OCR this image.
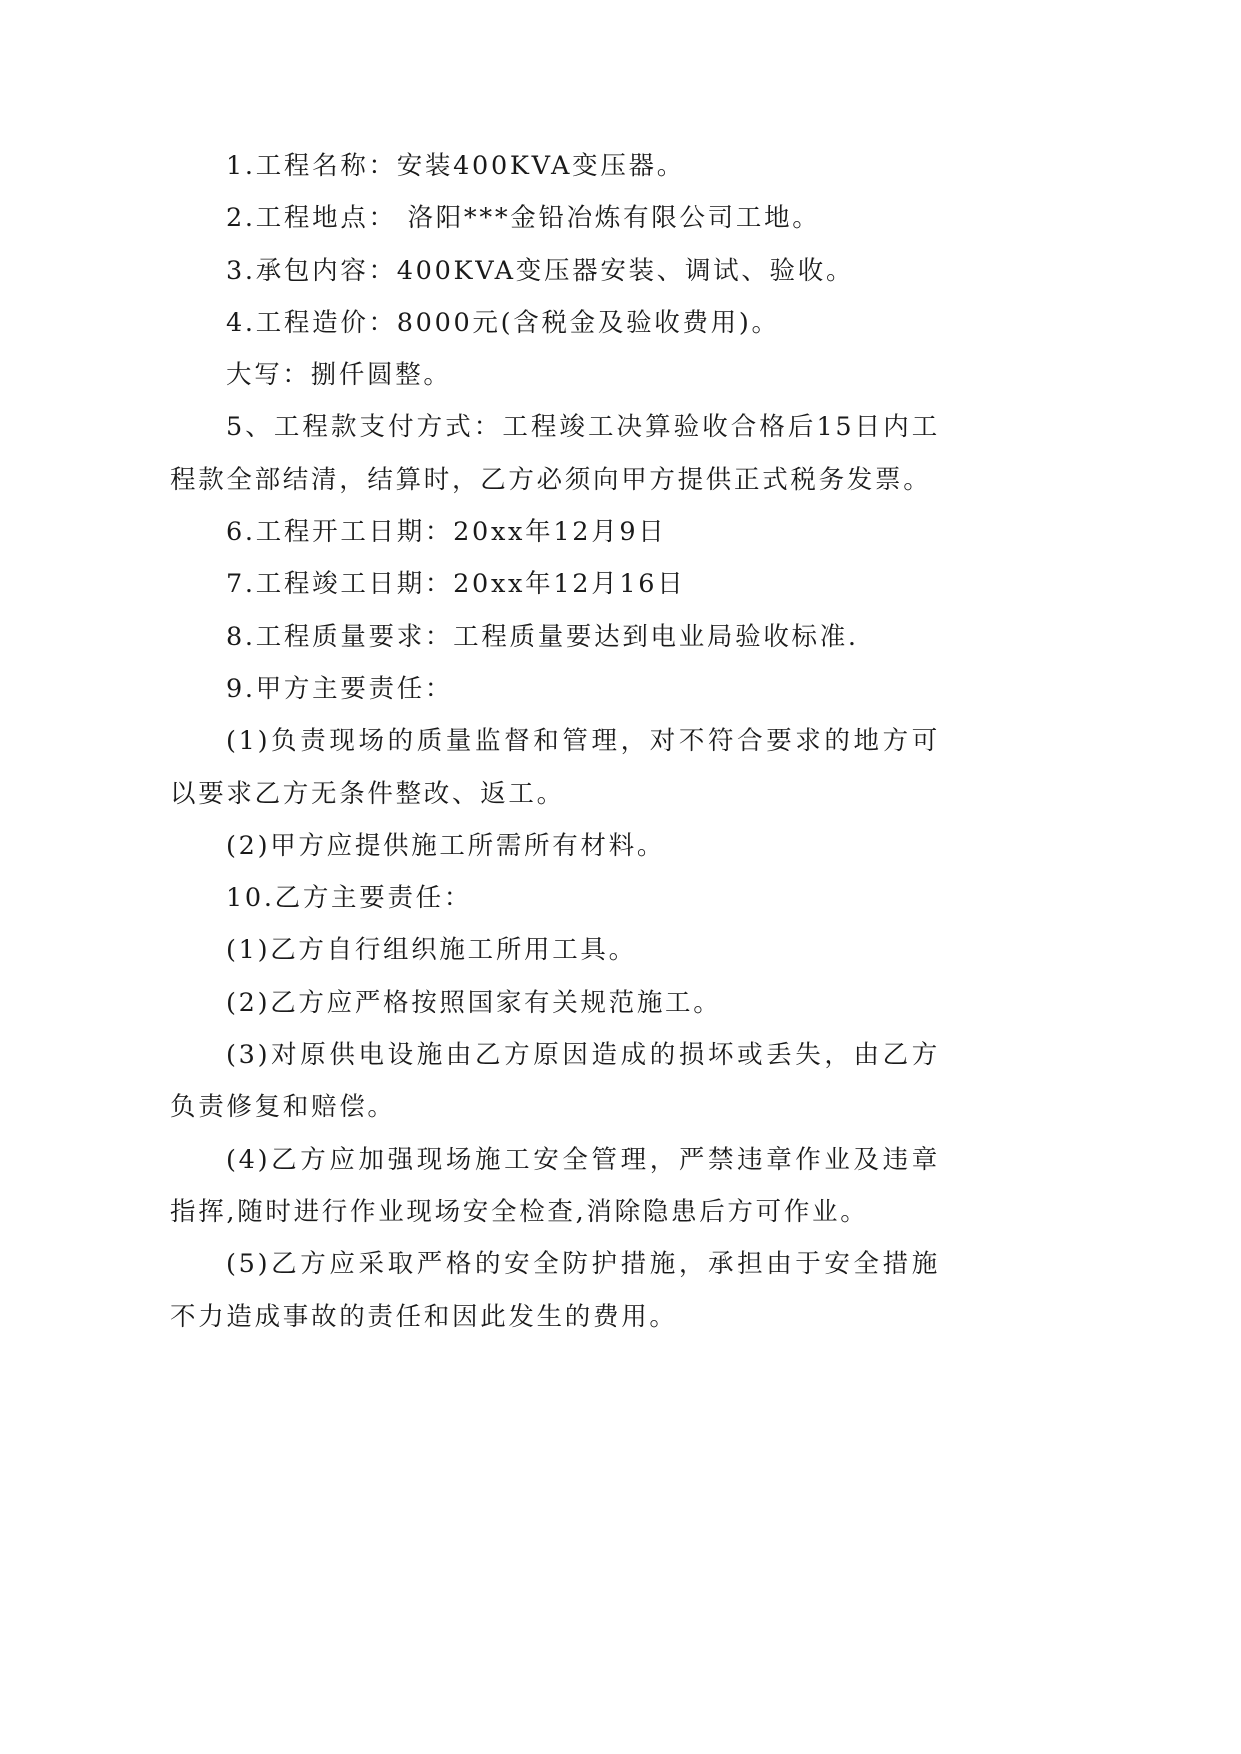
1.工程名称：安装400KVA变压器。

2.工程地点： 洛阳***金铅冶炼有限公司工地。

3.承包内容：400KVA变压器安装、调试、验收。

4.工程造价：8000元(含税金及验收费用)。

大写：捌仟圆整。

5、工程款支付方式：工程竣工决算验收合格后15日内工程款全部结清，结算时，乙方必须向甲方提供正式税务发票。

6.工程开工日期：20xx年12月9日

7.工程竣工日期：20xx年12月16日

8.工程质量要求：工程质量要达到电业局验收标准.

9.甲方主要责任：

(1)负责现场的质量监督和管理，对不符合要求的地方可以要求乙方无条件整改、返工。

(2)甲方应提供施工所需所有材料。

10.乙方主要责任：

(1)乙方自行组织施工所用工具。

(2)乙方应严格按照国家有关规范施工。

(3)对原供电设施由乙方原因造成的损坏或丢失，由乙方负责修复和赔偿。

(4)乙方应加强现场施工安全管理，严禁违章作业及违章指挥,随时进行作业现场安全检查,消除隐患后方可作业。

(5)乙方应采取严格的安全防护措施，承担由于安全措施不力造成事故的责任和因此发生的费用。
